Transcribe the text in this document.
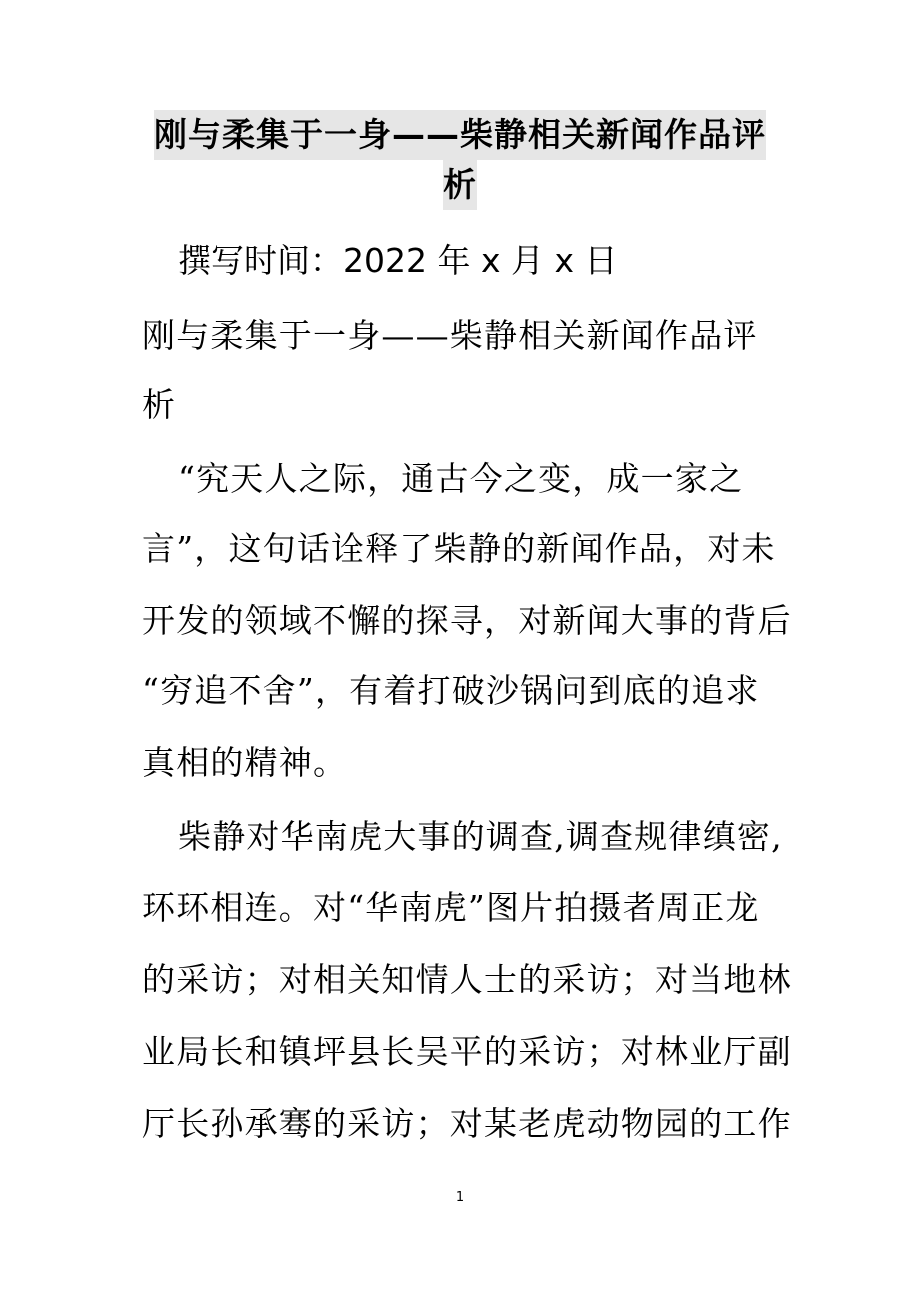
刚与柔集于一身——柴静相关新闻作品评
析
撰写时间：2022 年 x 月 x 日
刚与柔集于一身——柴静相关新闻作品评
析
“究天人之际，通古今之变，成一家之
言”，这句话诠释了柴静的新闻作品，对未
开发的领域不懈的探寻，对新闻大事的背后
“穷追不舍”，有着打破沙锅问到底的追求
真相的精神。
柴静对华南虎大事的调查,调查规律缜密,
环环相连。对“华南虎”图片拍摄者周正龙
的采访；对相关知情人士的采访；对当地林
业局长和镇坪县长吴平的采访；对林业厅副
厅长孙承骞的采访；对某老虎动物园的工作
1
